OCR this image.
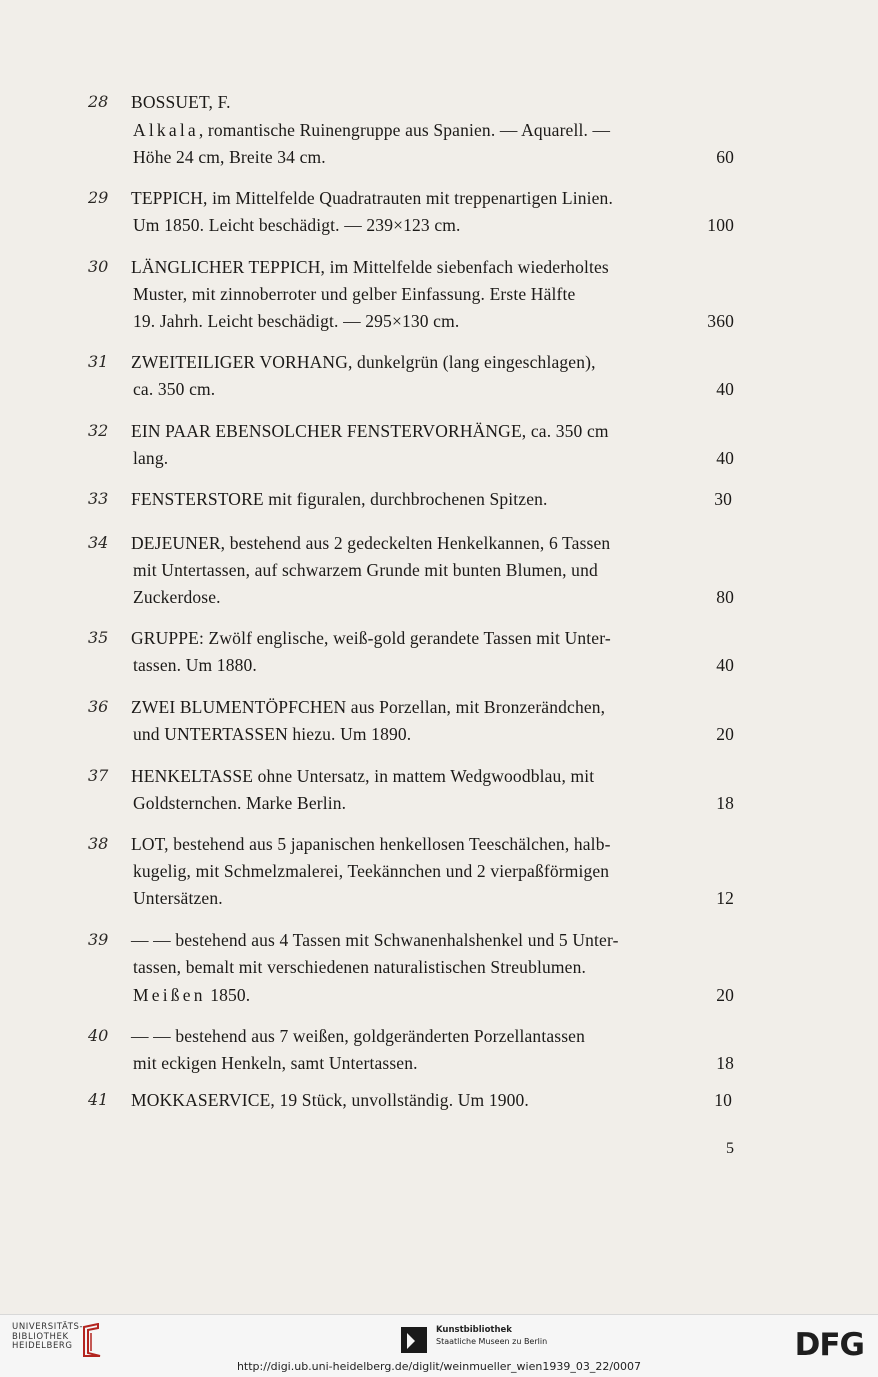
28	BOSSUET, F.
Alkala, romantische Ruinengruppe aus Spanien. — Aquarell. —
Höhe 24 cm, Breite 34 cm.	60
29	TEPPICH, im Mittelfelde Quadratrauten mit treppenartigen Linien.
Um 1850. Leicht beschädigt. — 239×123 cm.	100
30	LÄNGLICHER TEPPICH, im Mittelfelde siebenfach wiederholtes
Muster, mit zinnoberroter und gelber Einfassung. Erste Hälfte
19. Jahrh. Leicht beschädigt. — 295×130 cm.	360
31	ZWEITEILIGER VORHANG, dunkelgrün (lang eingeschlagen),
ca. 350 cm.	40
32	EIN PAAR EBENSOLCHER FENSTERVORHÄNGE, ca. 350 cm
lang.	40
33	FENSTERSTORE mit figuralen, durchbrochenen Spitzen.	30
34	DEJEUNER, bestehend aus 2 gedeckelten Henkelkannen, 6 Tassen
mit Untertassen, auf schwarzem Grunde mit bunten Blumen, und
Zuckerdose.	80
35	GRUPPE: Zwölf englische, weiß-gold gerandete Tassen mit Unter-
tassen. Um 1880.	40
36	ZWEI BLUMENTÖPFCHEN aus Porzellan, mit Bronzerändchen,
und UNTERTASSEN hiezu. Um 1890.	20
37	HENKELTASSE ohne Untersatz, in mattem Wedgwoodblau, mit
Goldsternchen. Marke Berlin.	18
38	LOT, bestehend aus 5 japanischen henkellosen Teeschälchen, halb-
kugelig, mit Schmelzmalerei, Teekännchen und 2 vierpaßförmigen
Untersätzen.	12
39	— — bestehend aus 4 Tassen mit Schwanenhalshenkel und 5 Unter-
tassen, bemalt mit verschiedenen naturalistischen Streublumen.
Meißen 1850.	20
40	— — bestehend aus 7 weißen, goldgeränderten Porzellantassen
mit eckigen Henkeln, samt Untertassen.	18
41	MOKKASERVICE, 19 Stück, unvollständig. Um 1900.	10
5
UNIVERSITÄTS-
BIBLIOTHEK
HEIDELBERG
Kunstbibliothek
Staatliche Museen zu Berlin	DFG
http://digi.ub.uni-heidelberg.de/diglit/weinmueller_wien1939_03_22/0007
